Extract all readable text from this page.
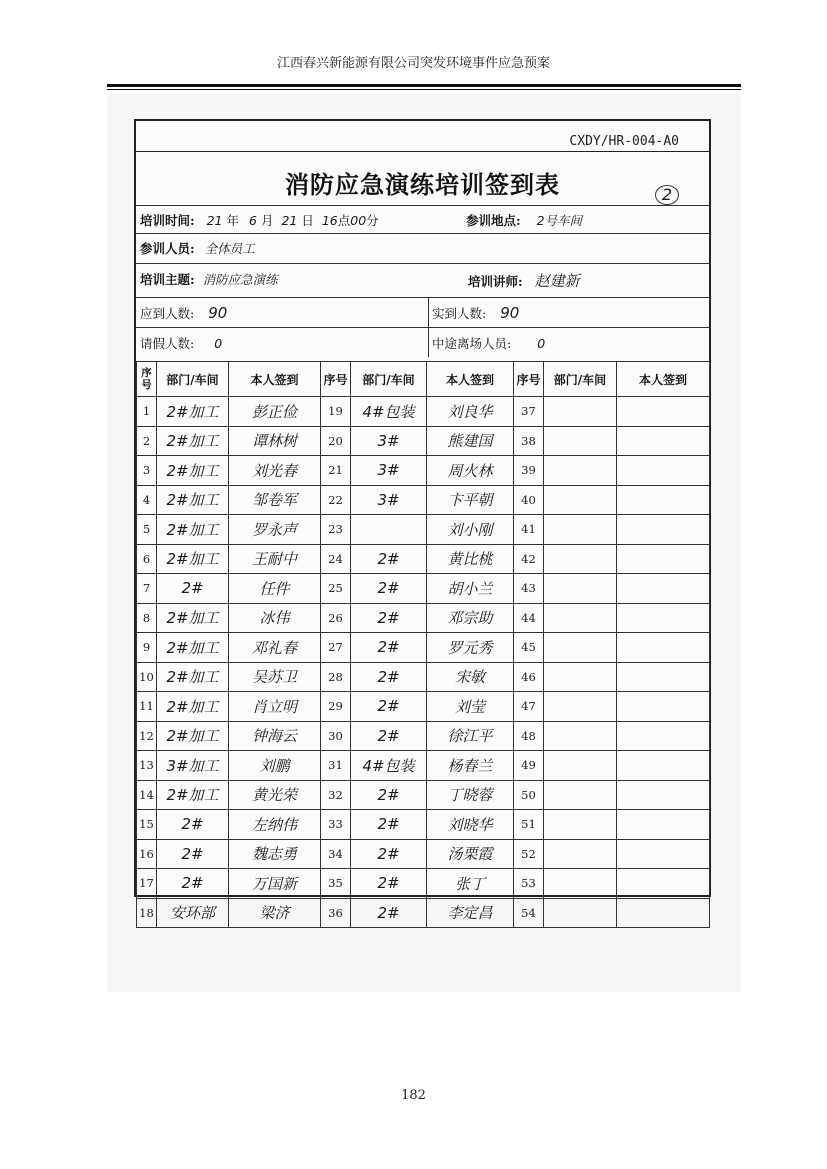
江西春兴新能源有限公司突发环境事件应急预案
CXDY/HR-004-A0
消防应急演练培训签到表	2
培训时间: 21 年 6 月 21 日 16点00分	参训地点: 2号车间
参训人员: 全体员工
培训主题: 消防应急演练	培训讲师: 赵建新
应到人数: 90	实到人数: 90
请假人数: 0	中途离场人员: 0
序号	部门/车间	本人签到	序号	部门/车间	本人签到	序号	部门/车间	本人签到
1	2#加工	彭正俭	19	4#包装	刘良华	37		
2	2#加工	谭林树	20	3#	熊建国	38		
3	2#加工	刘光春	21	3#	周火林	39		
4	2#加工	邹卷军	22	3#	卞平朝	40		
5	2#加工	罗永声	23		刘小刚	41		
6	2#加工	王耐中	24	2#	黄比桃	42		
7	2#	任件	25	2#	胡小兰	43		
8	2#加工	冰伟	26	2#	邓宗助	44		
9	2#加工	邓礼春	27	2#	罗元秀	45		
10	2#加工	吴苏卫	28	2#	宋敏	46		
11	2#加工	肖立明	29	2#	刘莹	47		
12	2#加工	钟海云	30	2#	徐江平	48		
13	3#加工	刘鹏	31	4#包装	杨春兰	49		
14	2#加工	黄光荣	32	2#	丁晓蓉	50		
15	2#	左纳伟	33	2#	刘晓华	51		
16	2#	魏志勇	34	2#	汤栗霞	52		
17	2#	万国新	35	2#	张丁	53		
18	安环部	梁济	36	2#	李定昌	54		
182
